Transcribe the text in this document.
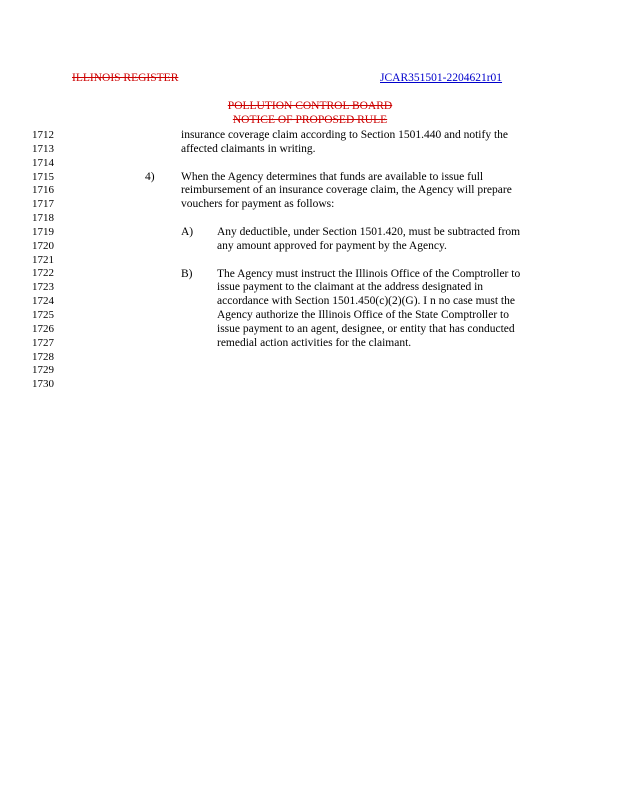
ILLINOIS REGISTER	JCAR351501-2204621r01
POLLUTION CONTROL BOARD
NOTICE OF PROPOSED RULE
1712
1713
1714
1715
1716
1717
1718
1719
1720
1721
1722
1723
1724
1725
1726
1727
1728
1729
1730
insurance coverage claim according to Section 1501.440 and notify the
affected claimants in writing.
4) When the Agency determines that funds are available to issue full
reimbursement of an insurance coverage claim, the Agency will prepare
vouchers for payment as follows:
A) Any deductible, under Section 1501.420, must be subtracted from
any amount approved for payment by the Agency.
B) The Agency must instruct the Illinois Office of the Comptroller to
issue payment to the claimant at the address designated in
accordance with Section 1501.450(c)(2)(G). I n no case must the
Agency authorize the Illinois Office of the State Comptroller to
issue payment to an agent, designee, or entity that has conducted
remedial action activities for the claimant.
